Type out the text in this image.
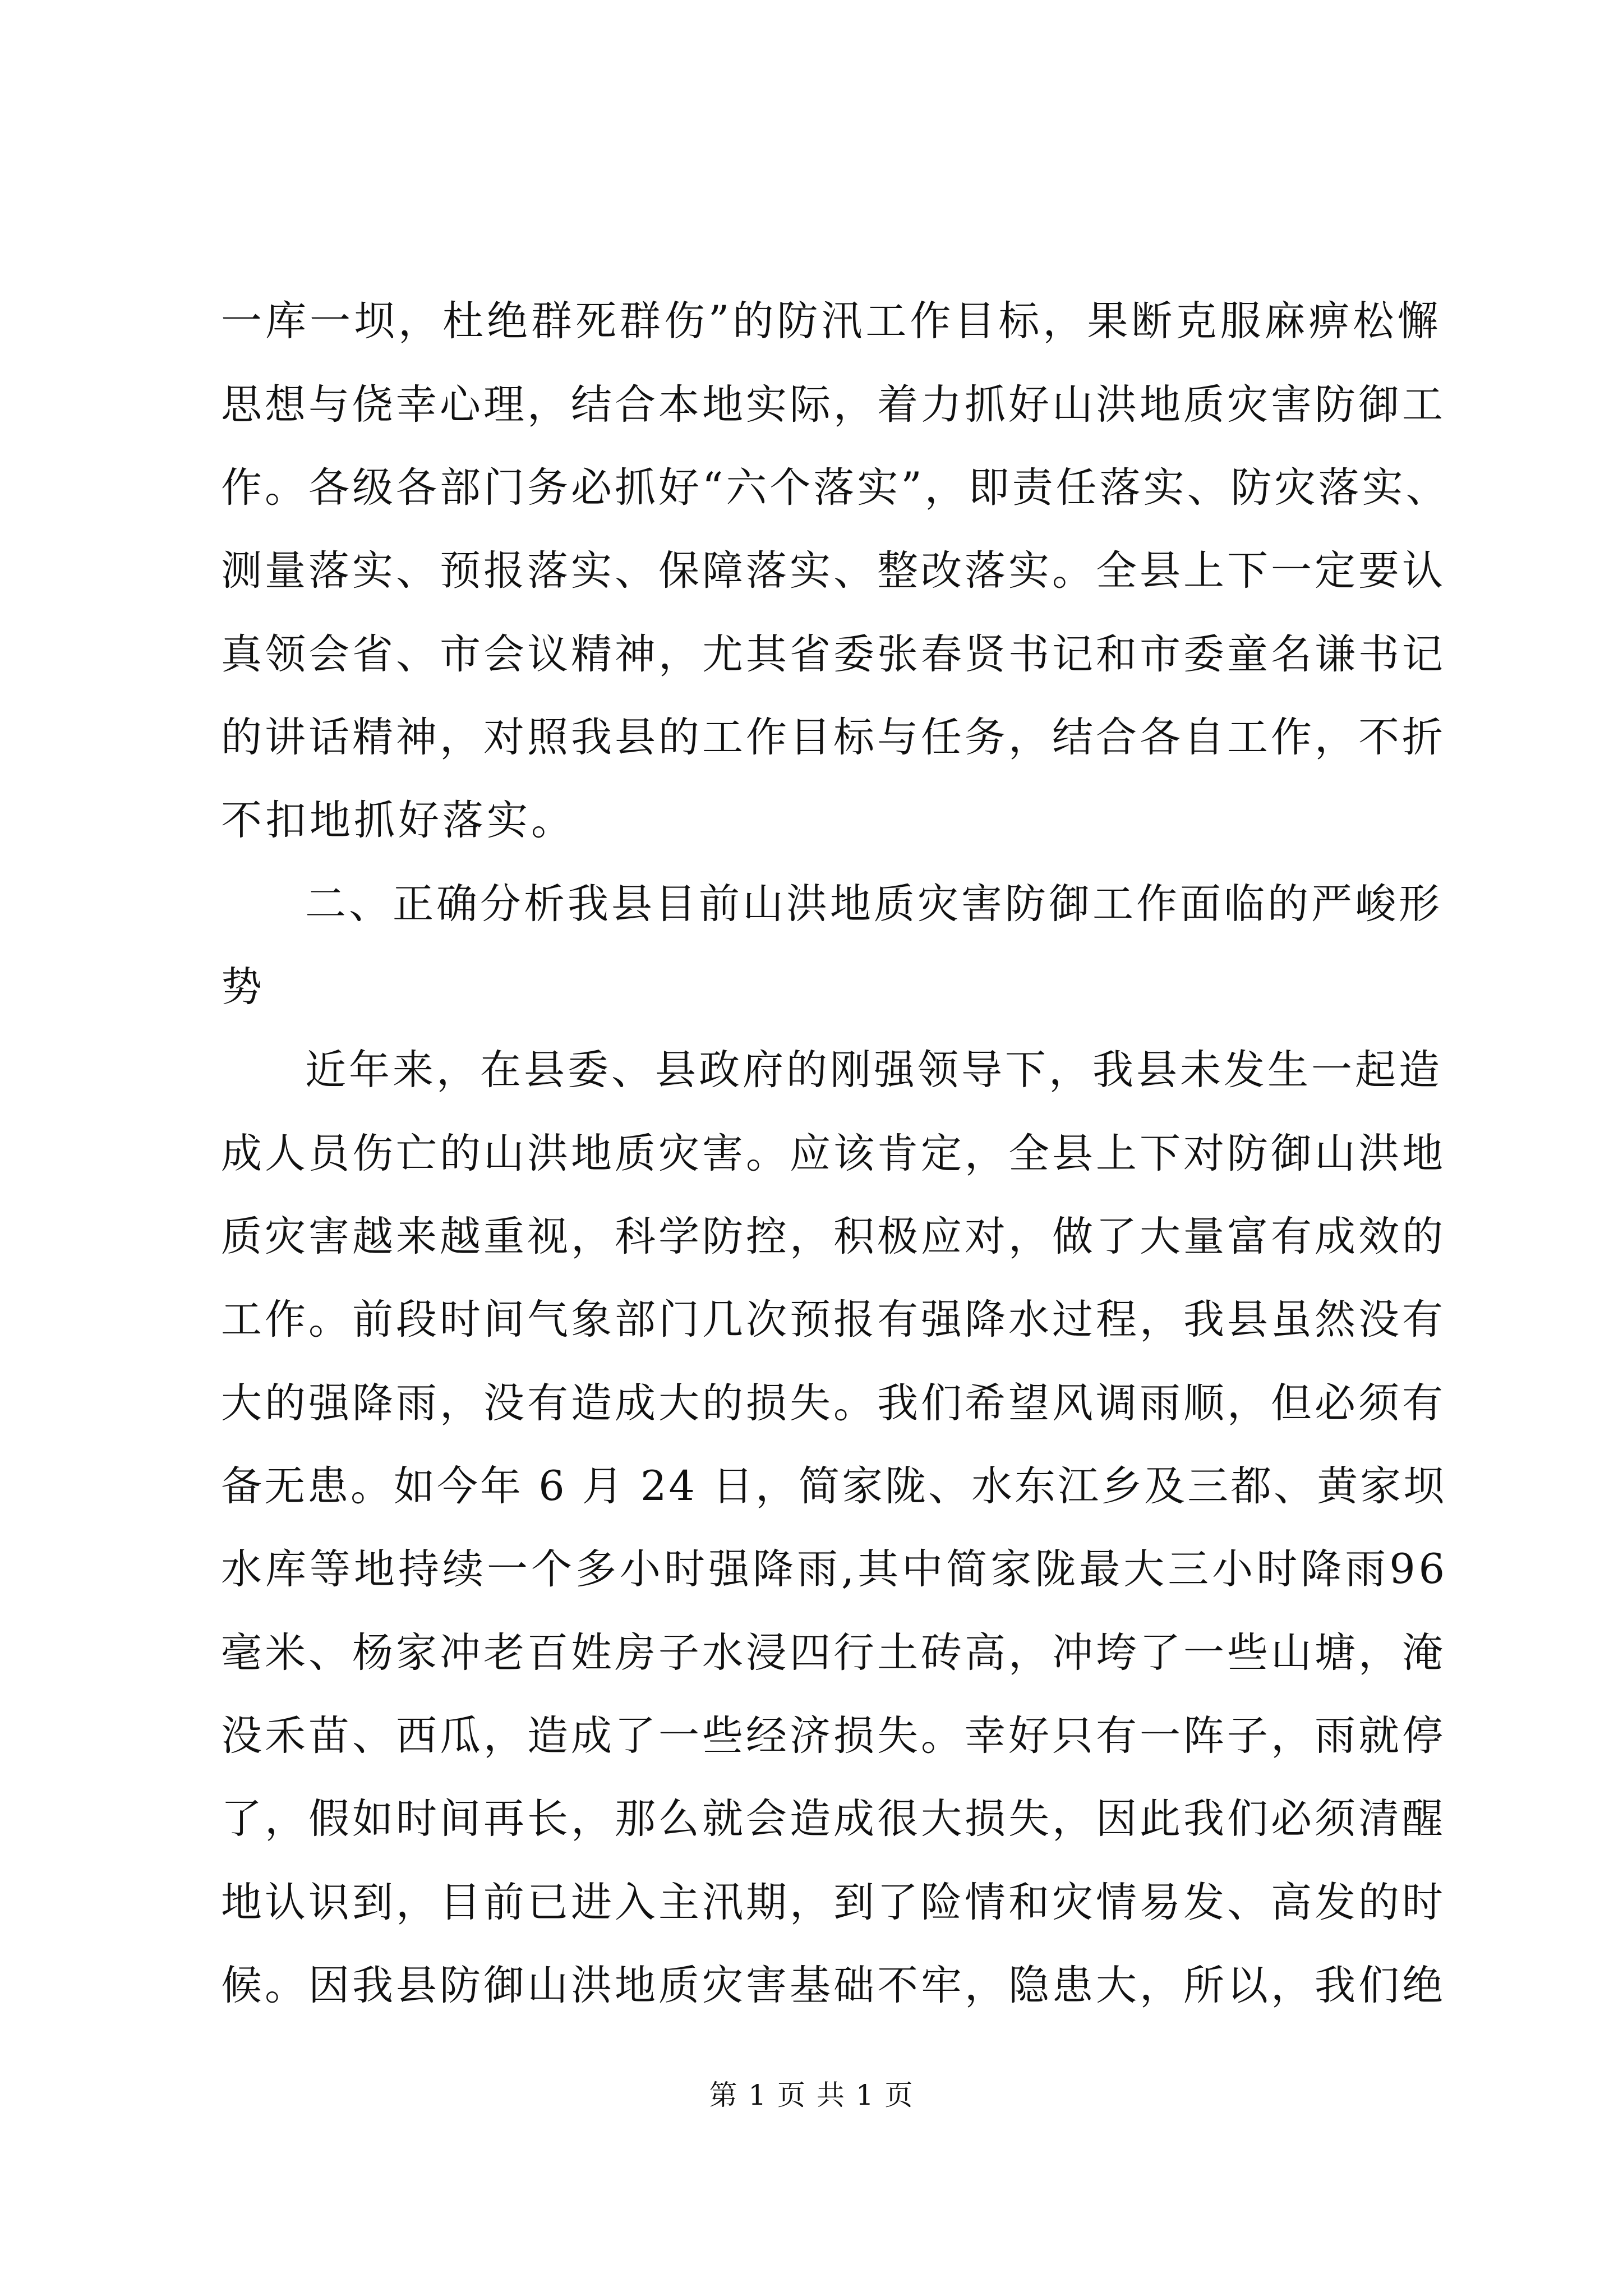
一库一坝，杜绝群死群伤”的防汛工作目标，果断克服麻痹松懈
思想与侥幸心理，结合本地实际，着力抓好山洪地质灾害防御工
作。各级各部门务必抓好“六个落实”，即责任落实、防灾落实、
测量落实、预报落实、保障落实、整改落实。全县上下一定要认
真领会省、市会议精神，尤其省委张春贤书记和市委童名谦书记
的讲话精神，对照我县的工作目标与任务，结合各自工作，不折
不扣地抓好落实。
二、正确分析我县目前山洪地质灾害防御工作面临的严峻形
势
近年来，在县委、县政府的刚强领导下，我县未发生一起造
成人员伤亡的山洪地质灾害。应该肯定，全县上下对防御山洪地
质灾害越来越重视，科学防控，积极应对，做了大量富有成效的
工作。前段时间气象部门几次预报有强降水过程，我县虽然没有
大的强降雨，没有造成大的损失。我们希望风调雨顺，但必须有
备无患。如今年 6 月 24 日，简家陇、水东江乡及三都、黄家坝
水库等地持续一个多小时强降雨,其中简家陇最大三小时降雨96
毫米、杨家冲老百姓房子水浸四行土砖高，冲垮了一些山塘，淹
没禾苗、西瓜，造成了一些经济损失。幸好只有一阵子，雨就停
了，假如时间再长，那么就会造成很大损失，因此我们必须清醒
地认识到，目前已进入主汛期，到了险情和灾情易发、高发的时
候。因我县防御山洪地质灾害基础不牢，隐患大，所以，我们绝
第 1 页 共 1 页
